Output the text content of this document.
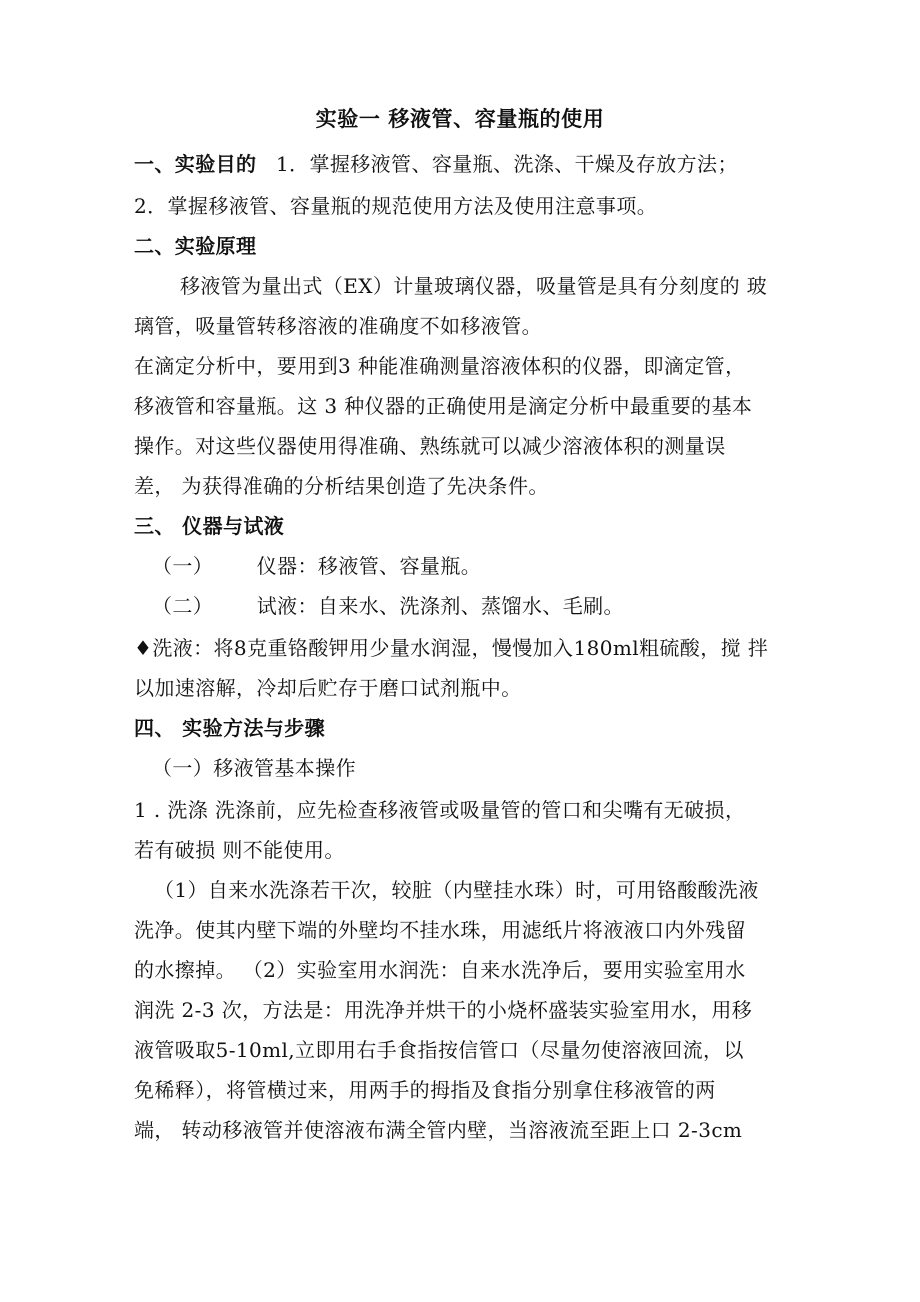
实验一 移液管、容量瓶的使用
一、实验目的 1．掌握移液管、容量瓶、洗涤、干燥及存放方法；
2．掌握移液管、容量瓶的规范使用方法及使用注意事项。
二、实验原理
移液管为量出式（EX）计量玻璃仪器，吸量管是具有分刻度的 玻
璃管，吸量管转移溶液的准确度不如移液管。
在滴定分析中，要用到3 种能准确测量溶液体积的仪器，即滴定管，
移液管和容量瓶。这 3 种仪器的正确使用是滴定分析中最重要的基本
操作。对这些仪器使用得准确、熟练就可以减少溶液体积的测量误
差， 为获得准确的分析结果创造了先决条件。
三、 仪器与试液
（一） 仪器：移液管、容量瓶。
（二） 试液：自来水、洗涤剂、蒸馏水、毛刷。
♦洗液：将8克重铬酸钾用少量水润湿，慢慢加入180ml粗硫酸，搅 拌
以加速溶解，冷却后贮存于磨口试剂瓶中。
四、 实验方法与步骤
（一）移液管基本操作
1 . 洗涤 洗涤前，应先检查移液管或吸量管的管口和尖嘴有无破损，
若有破损 则不能使用。
（1）自来水洗涤若干次，较脏（内壁挂水珠）时，可用铬酸酸洗液
洗净。使其内壁下端的外壁均不挂水珠，用滤纸片将液液口内外残留
的水擦掉。 （2）实验室用水润洗：自来水洗净后，要用实验室用水
润洗 2-3 次，方法是：用洗净并烘干的小烧杯盛装实验室用水，用移
液管吸取5-10ml,立即用右手食指按信管口（尽量勿使溶液回流，以
免稀释），将管横过来，用两手的拇指及食指分别拿住移液管的两
端， 转动移液管并使溶液布满全管内壁，当溶液流至距上口 2-3cm
